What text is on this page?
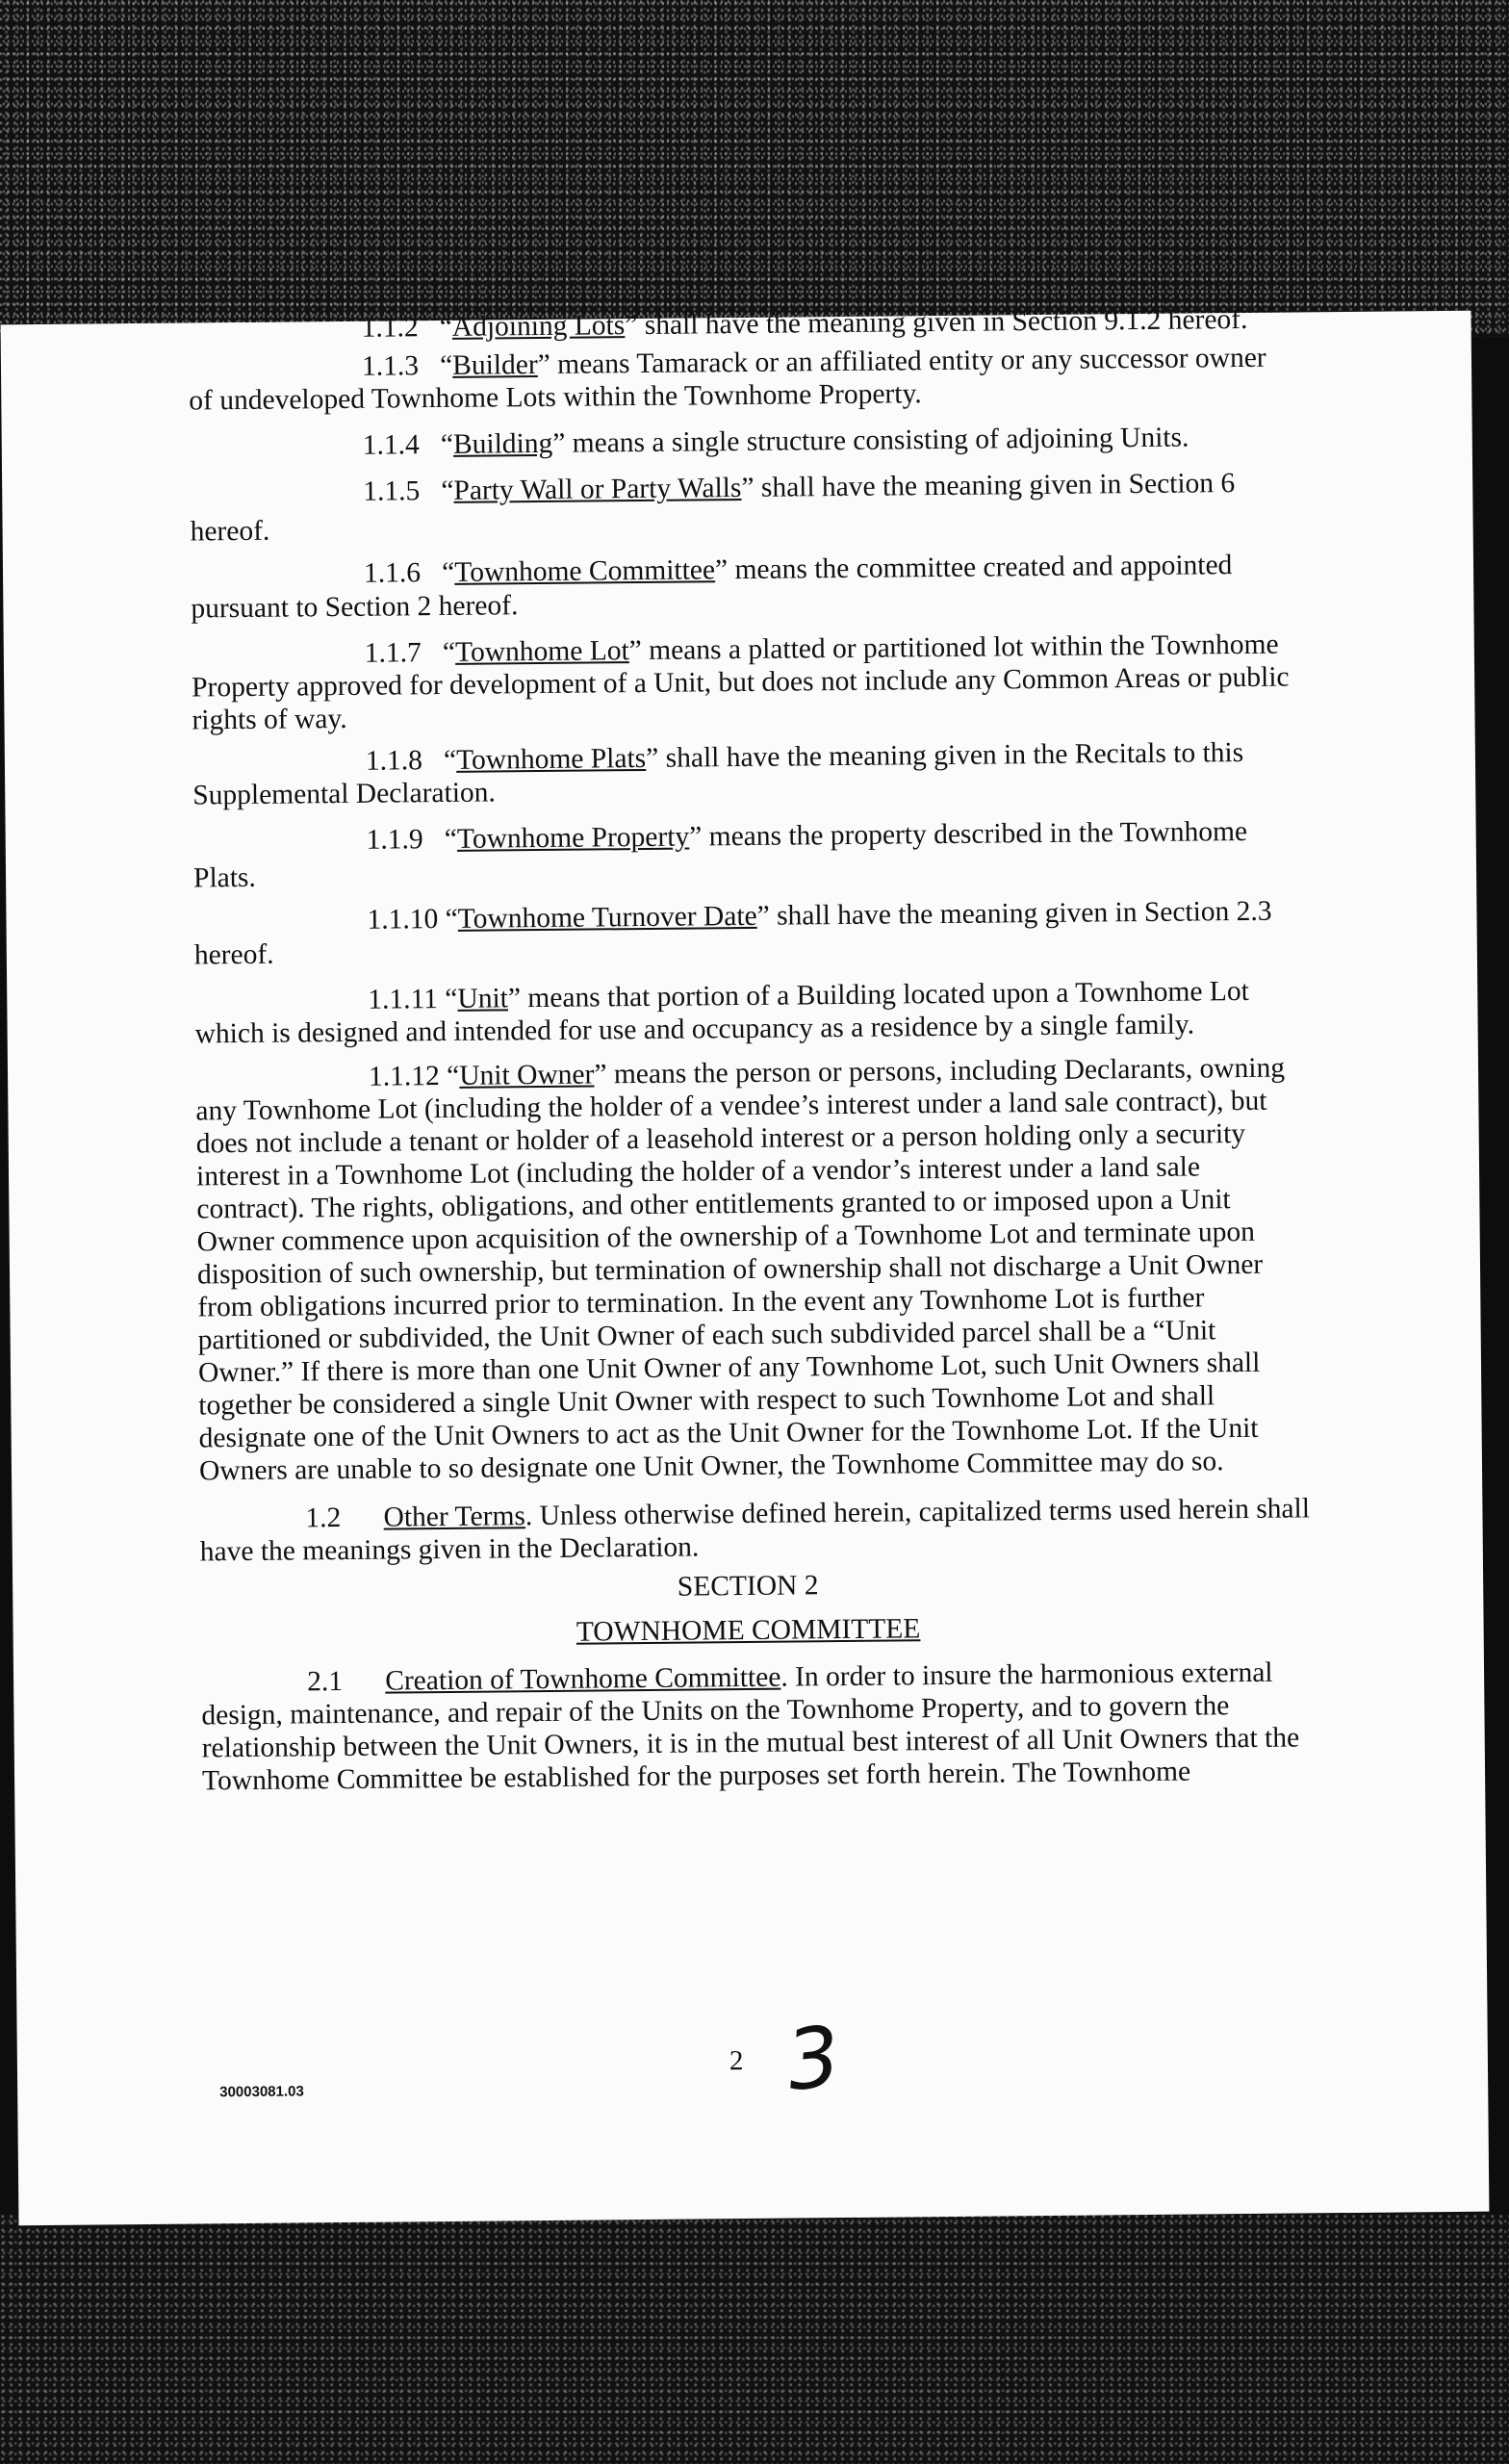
1.1.2   “Adjoining Lots” shall have the meaning given in Section 9.1.2 hereof.
1.1.3   “Builder” means Tamarack or an affiliated entity or any successor owner
of undeveloped Townhome Lots within the Townhome Property.
1.1.4   “Building” means a single structure consisting of adjoining Units.
1.1.5   “Party Wall or Party Walls” shall have the meaning given in Section 6
hereof.
1.1.6   “Townhome Committee” means the committee created and appointed
pursuant to Section 2 hereof.
1.1.7   “Townhome Lot” means a platted or partitioned lot within the Townhome
Property approved for development of a Unit, but does not include any Common Areas or public
rights of way.
1.1.8   “Townhome Plats” shall have the meaning given in the Recitals to this
Supplemental Declaration.
1.1.9   “Townhome Property” means the property described in the Townhome
Plats.
1.1.10 “Townhome Turnover Date” shall have the meaning given in Section 2.3
hereof.
1.1.11 “Unit” means that portion of a Building located upon a Townhome Lot
which is designed and intended for use and occupancy as a residence by a single family.
1.1.12 “Unit Owner” means the person or persons, including Declarants, owning
any Townhome Lot (including the holder of a vendee’s interest under a land sale contract), but
does not include a tenant or holder of a leasehold interest or a person holding only a security
interest in a Townhome Lot (including the holder of a vendor’s interest under a land sale
contract). The rights, obligations, and other entitlements granted to or imposed upon a Unit
Owner commence upon acquisition of the ownership of a Townhome Lot and terminate upon
disposition of such ownership, but termination of ownership shall not discharge a Unit Owner
from obligations incurred prior to termination. In the event any Townhome Lot is further
partitioned or subdivided, the Unit Owner of each such subdivided parcel shall be a “Unit
Owner.” If there is more than one Unit Owner of any Townhome Lot, such Unit Owners shall
together be considered a single Unit Owner with respect to such Townhome Lot and shall
designate one of the Unit Owners to act as the Unit Owner for the Townhome Lot. If the Unit
Owners are unable to so designate one Unit Owner, the Townhome Committee may do so.
1.2 Other Terms. Unless otherwise defined herein, capitalized terms used herein shall
have the meanings given in the Declaration.
SECTION 2
TOWNHOME COMMITTEE
2.1 Creation of Townhome Committee. In order to insure the harmonious external
design, maintenance, and repair of the Units on the Townhome Property, and to govern the
relationship between the Unit Owners, it is in the mutual best interest of all Unit Owners that the
Townhome Committee be established for the purposes set forth herein. The Townhome
2 3
30003081.03
